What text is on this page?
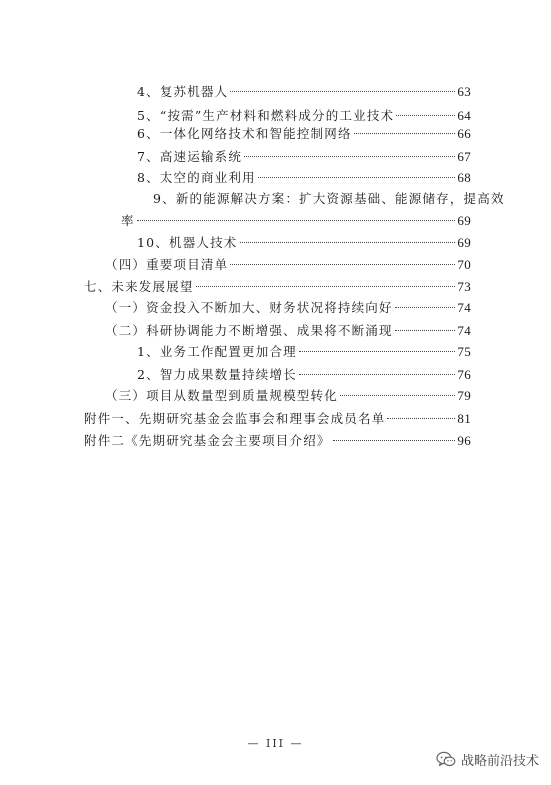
4、复苏机器人	63
5、“按需”生产材料和燃料成分的工业技术	64
6、一体化网络技术和智能控制网络	66
7、高速运输系统	67
8、太空的商业利用	68
9、新的能源解决方案：扩大资源基础、能源储存，提高效
率	69
10、机器人技术	69
（四）重要项目清单	70
七、未来发展展望	73
（一）资金投入不断加大、财务状况将持续向好	74
（二）科研协调能力不断增强、成果将不断涌现	74
1、业务工作配置更加合理	75
2、智力成果数量持续增长	76
（三）项目从数量型到质量规模型转化	79
附件一、先期研究基金会监事会和理事会成员名单	81
附件二《先期研究基金会主要项目介绍》	96
— III —
战略前沿技术
